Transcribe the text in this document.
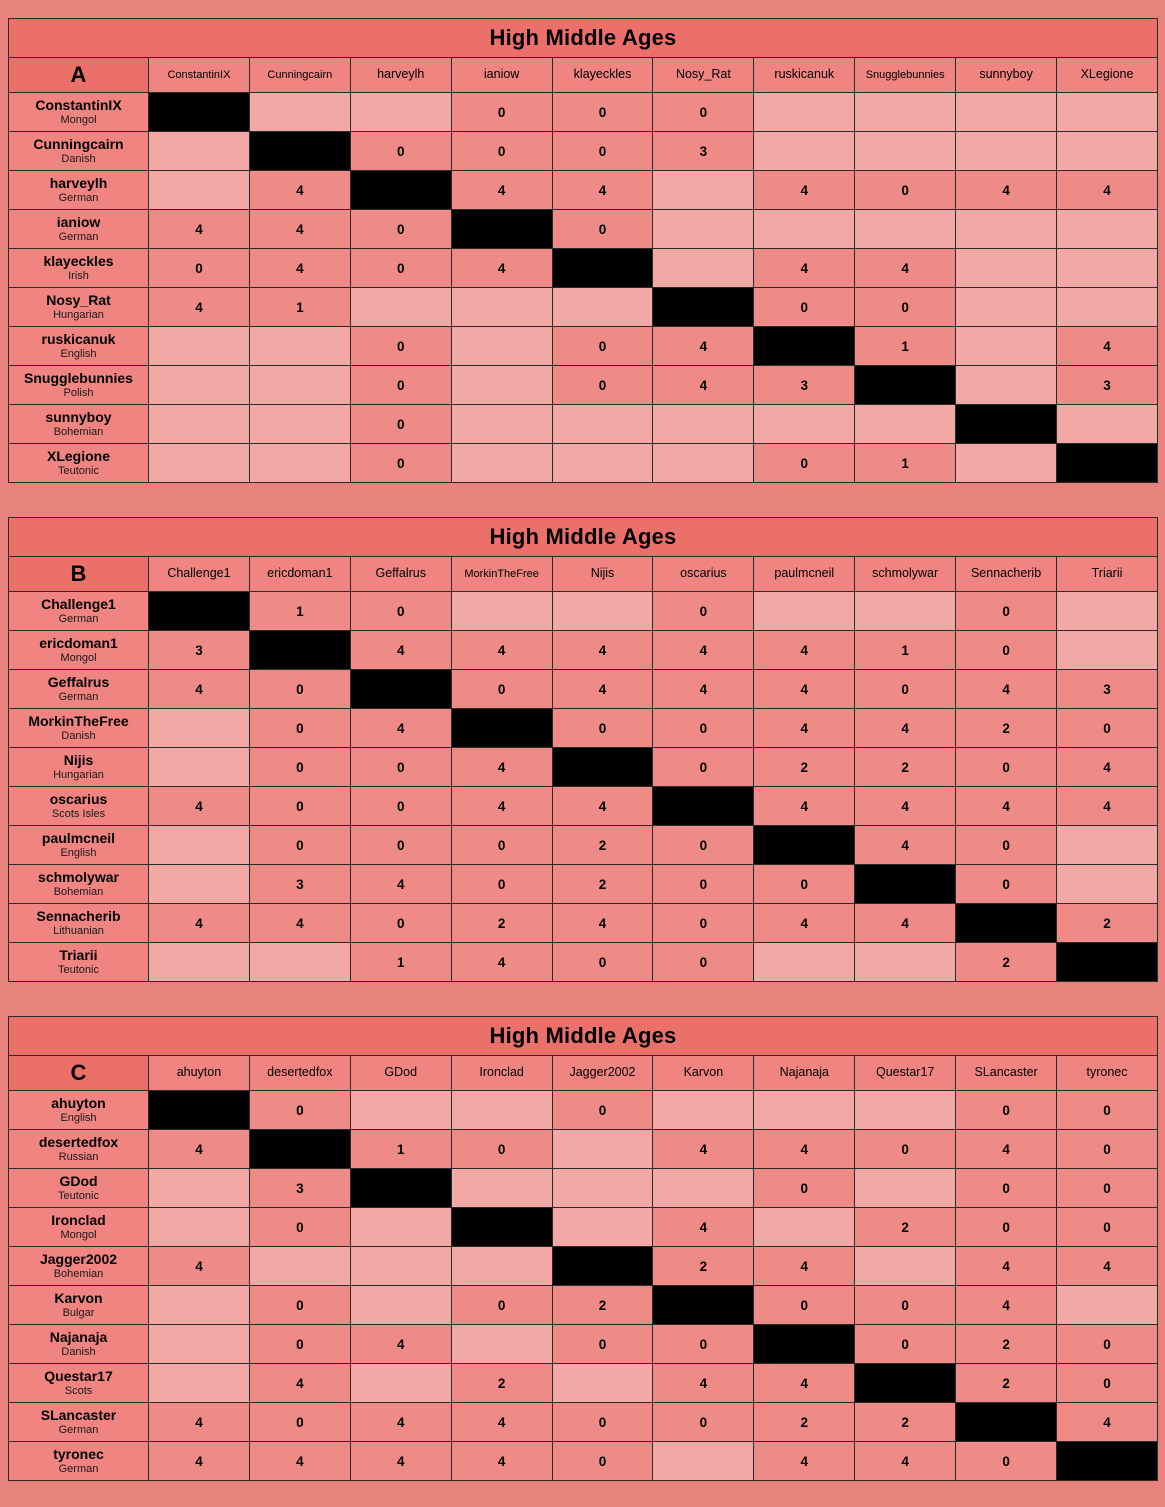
High Middle Ages										
A	ConstantinIX	Cunningcairn	harveylh	ianiow	klayeckles	Nosy_Rat	ruskicanuk	Snugglebunnies	sunnyboy	XLegione

ConstantinIX
Mongol				0	0	0				

Cunningcairn
Danish			0	0	0	3				

harveylh
German		4		4	4		4	0	4	4

ianiow
German	4	4	0		0					

klayeckles
Irish	0	4	0	4			4	4		

Nosy_Rat
Hungarian	4	1					0	0		

ruskicanuk
English			0		0	4		1		4

Snugglebunnies
Polish			0		0	4	3			3

sunnyboy
Bohemian			0							

XLegione
Teutonic			0				0	1		
High Middle Ages										
B	Challenge1	ericdoman1	Geffalrus	MorkinTheFree	Nijis	oscarius	paulmcneil	schmolywar	Sennacherib	Triarii

Challenge1
German		1	0			0			0	

ericdoman1
Mongol	3		4	4	4	4	4	1	0	

Geffalrus
German	4	0		0	4	4	4	0	4	3

MorkinTheFree
Danish		0	4		0	0	4	4	2	0

Nijis
Hungarian		0	0	4		0	2	2	0	4

oscarius
Scots Isles	4	0	0	4	4		4	4	4	4

paulmcneil
English		0	0	0	2	0		4	0	

schmolywar
Bohemian		3	4	0	2	0	0		0	

Sennacherib
Lithuanian	4	4	0	2	4	0	4	4		2

Triarii
Teutonic			1	4	0	0			2	
High Middle Ages										
C	ahuyton	desertedfox	GDod	Ironclad	Jagger2002	Karvon	Najanaja	Questar17	SLancaster	tyronec

ahuyton
English		0			0				0	0

desertedfox
Russian	4		1	0		4	4	0	4	0

GDod
Teutonic		3					0		0	0

Ironclad
Mongol		0				4		2	0	0

Jagger2002
Bohemian	4					2	4		4	4

Karvon
Bulgar		0		0	2		0	0	4	

Najanaja
Danish		0	4		0	0		0	2	0

Questar17
Scots		4		2		4	4		2	0

SLancaster
German	4	0	4	4	0	0	2	2		4

tyronec
German	4	4	4	4	0		4	4	0	
